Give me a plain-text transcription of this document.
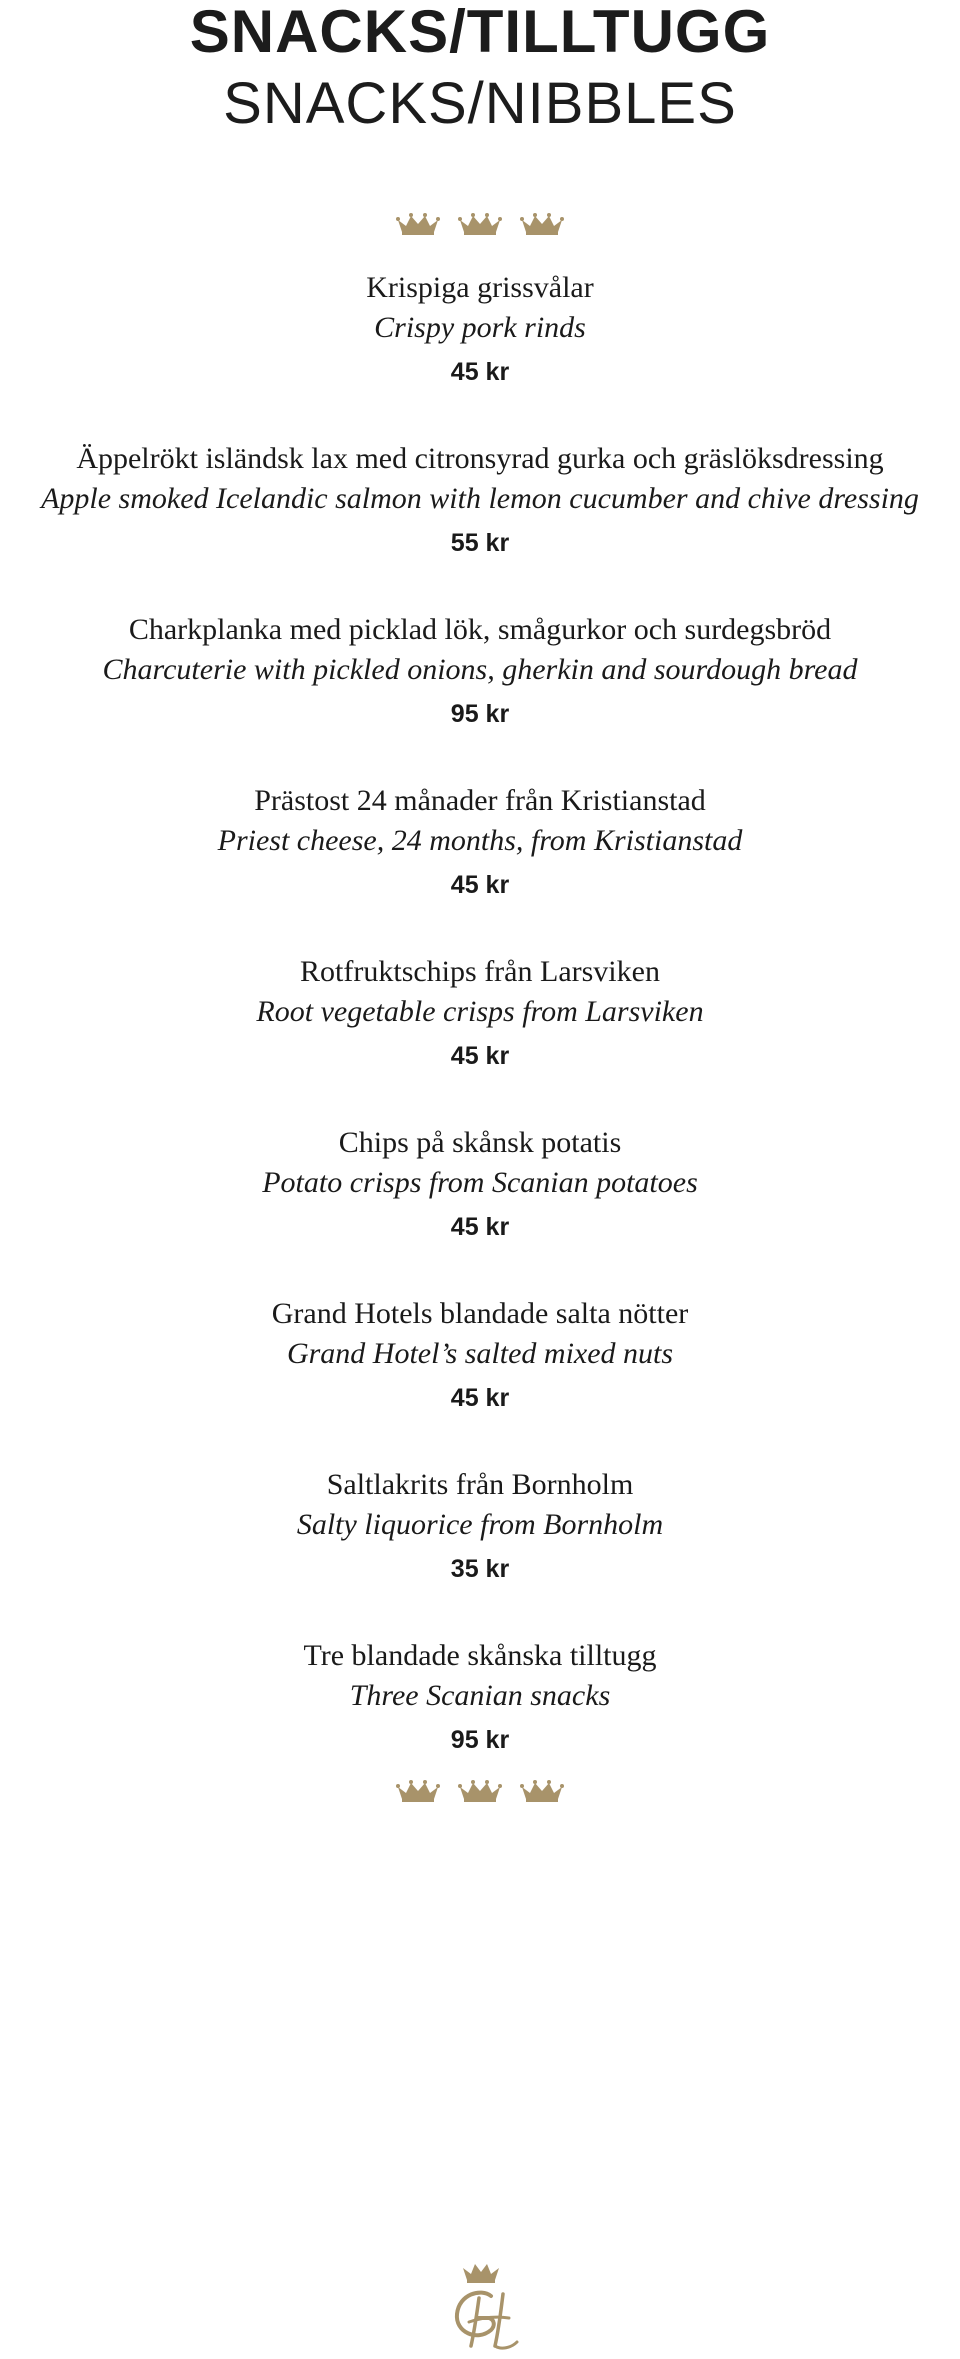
SNACKS/TILLTUGG
SNACKS/NIBBLES
Krispiga grissvålar
Crispy pork rinds
45 kr
Äppelrökt isländsk lax med citronsyrad gurka och gräslöksdressing
Apple smoked Icelandic salmon with lemon cucumber and chive dressing
55 kr
Charkplanka med picklad lök, smågurkor och surdegsbröd
Charcuterie with pickled onions, gherkin and sourdough bread
95 kr
Prästost 24 månader från Kristianstad
Priest cheese, 24 months, from Kristianstad
45 kr
Rotfruktschips från Larsviken
Root vegetable crisps from Larsviken
45 kr
Chips på skånsk potatis
Potato crisps from Scanian potatoes
45 kr
Grand Hotels blandade salta nötter
Grand Hotel’s salted mixed nuts
45 kr
Saltlakrits från Bornholm
Salty liquorice from Bornholm
35 kr
Tre blandade skånska tilltugg
Three Scanian snacks
95 kr
